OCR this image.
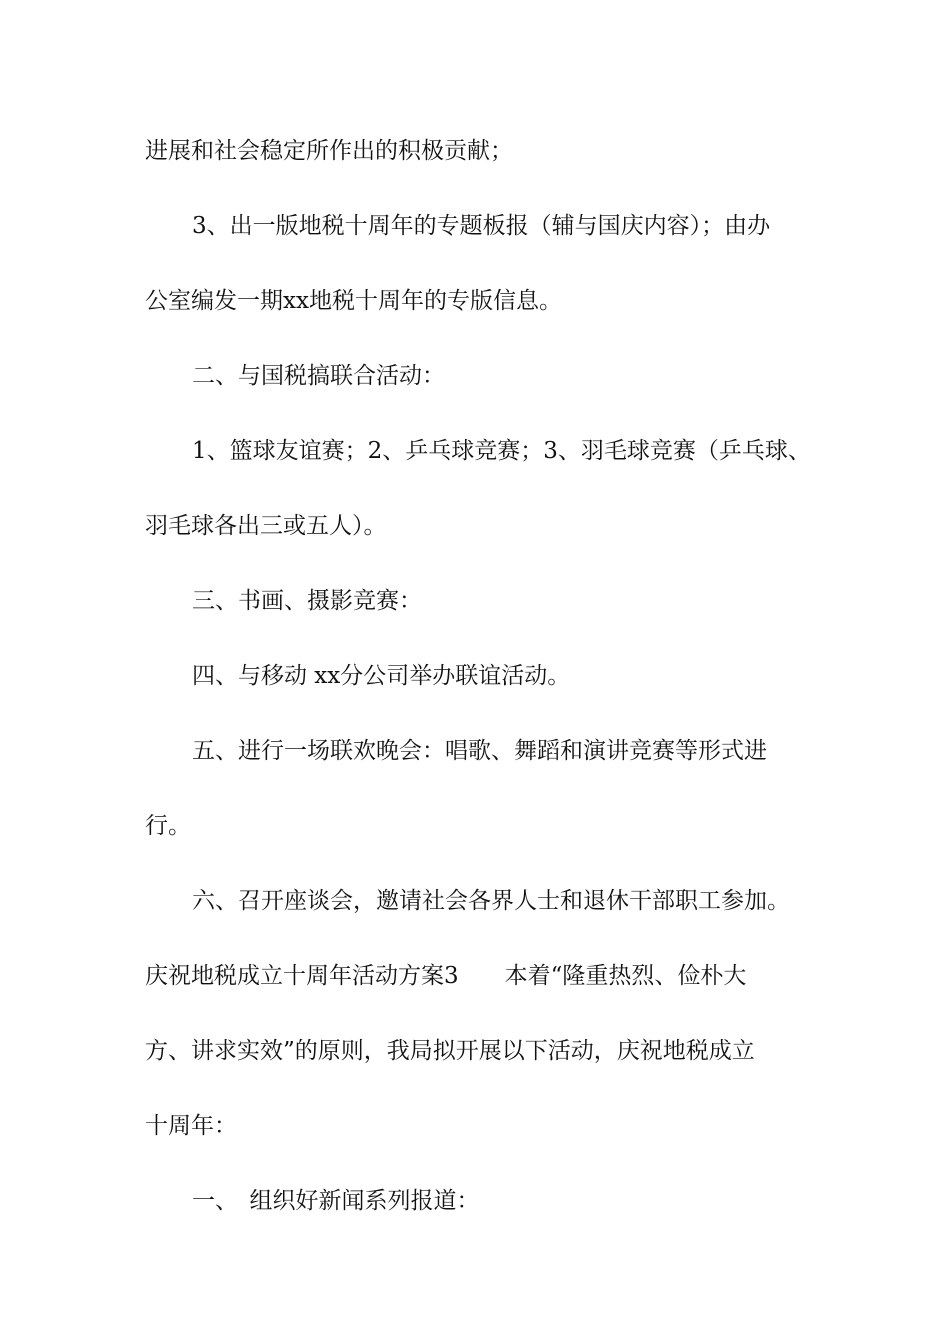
进展和社会稳定所作出的积极贡献；
3、出一版地税十周年的专题板报（辅与国庆内容）；由办
公室编发一期xx地税十周年的专版信息。
二、与国税搞联合活动：
1、篮球友谊赛；2、乒乓球竞赛；3、羽毛球竞赛（乒乓球、
羽毛球各出三或五人）。
三、书画、摄影竞赛：
四、与移动 xx分公司举办联谊活动。
五、进行一场联欢晚会：唱歌、舞蹈和演讲竞赛等形式进
行。
六、召开座谈会，邀请社会各界人士和退休干部职工参加。
庆祝地税成立十周年活动方案3　　本着“隆重热烈、俭朴大
方、讲求实效”的原则，我局拟开展以下活动，庆祝地税成立
十周年：
一、　组织好新闻系列报道：
